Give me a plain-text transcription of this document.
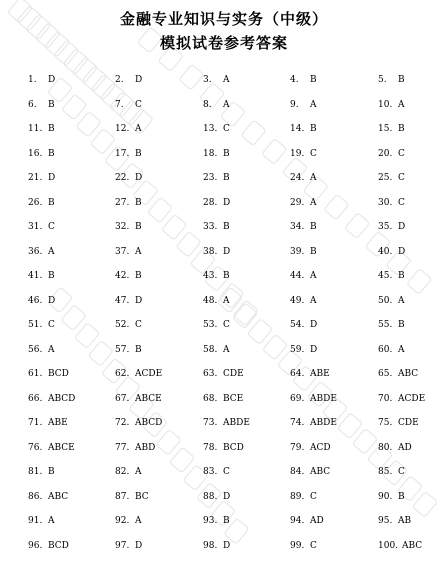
金融专业知识与实务（中级）
模拟试卷参考答案
1. D	2. D	3. A	4. B	5. B
6. B	7. C	8. A	9. A	10. A
11. B	12. A	13. C	14. B	15. B
16. B	17. B	18. B	19. C	20. C
21. D	22. D	23. B	24. A	25. C
26. B	27. B	28. D	29. A	30. C
31. C	32. B	33. B	34. B	35. D
36. A	37. A	38. D	39. B	40. D
41. B	42. B	43. B	44. A	45. B
46. D	47. D	48. A	49. A	50. A
51. C	52. C	53. C	54. D	55. B
56. A	57. B	58. A	59. D	60. A
61. BCD	62. ACDE	63. CDE	64. ABE	65. ABC
66. ABCD	67. ABCE	68. BCE	69. ABDE	70. ACDE
71. ABE	72. ABCD	73. ABDE	74. ABDE	75. CDE
76. ABCE	77. ABD	78. BCD	79. ACD	80. AD
81. B	82. A	83. C	84. ABC	85. C
86. ABC	87. BC	88. D	89. C	90. B
91. A	92. A	93. B	94. AD	95. AB
96. BCD	97. D	98. D	99. C	100. ABC
